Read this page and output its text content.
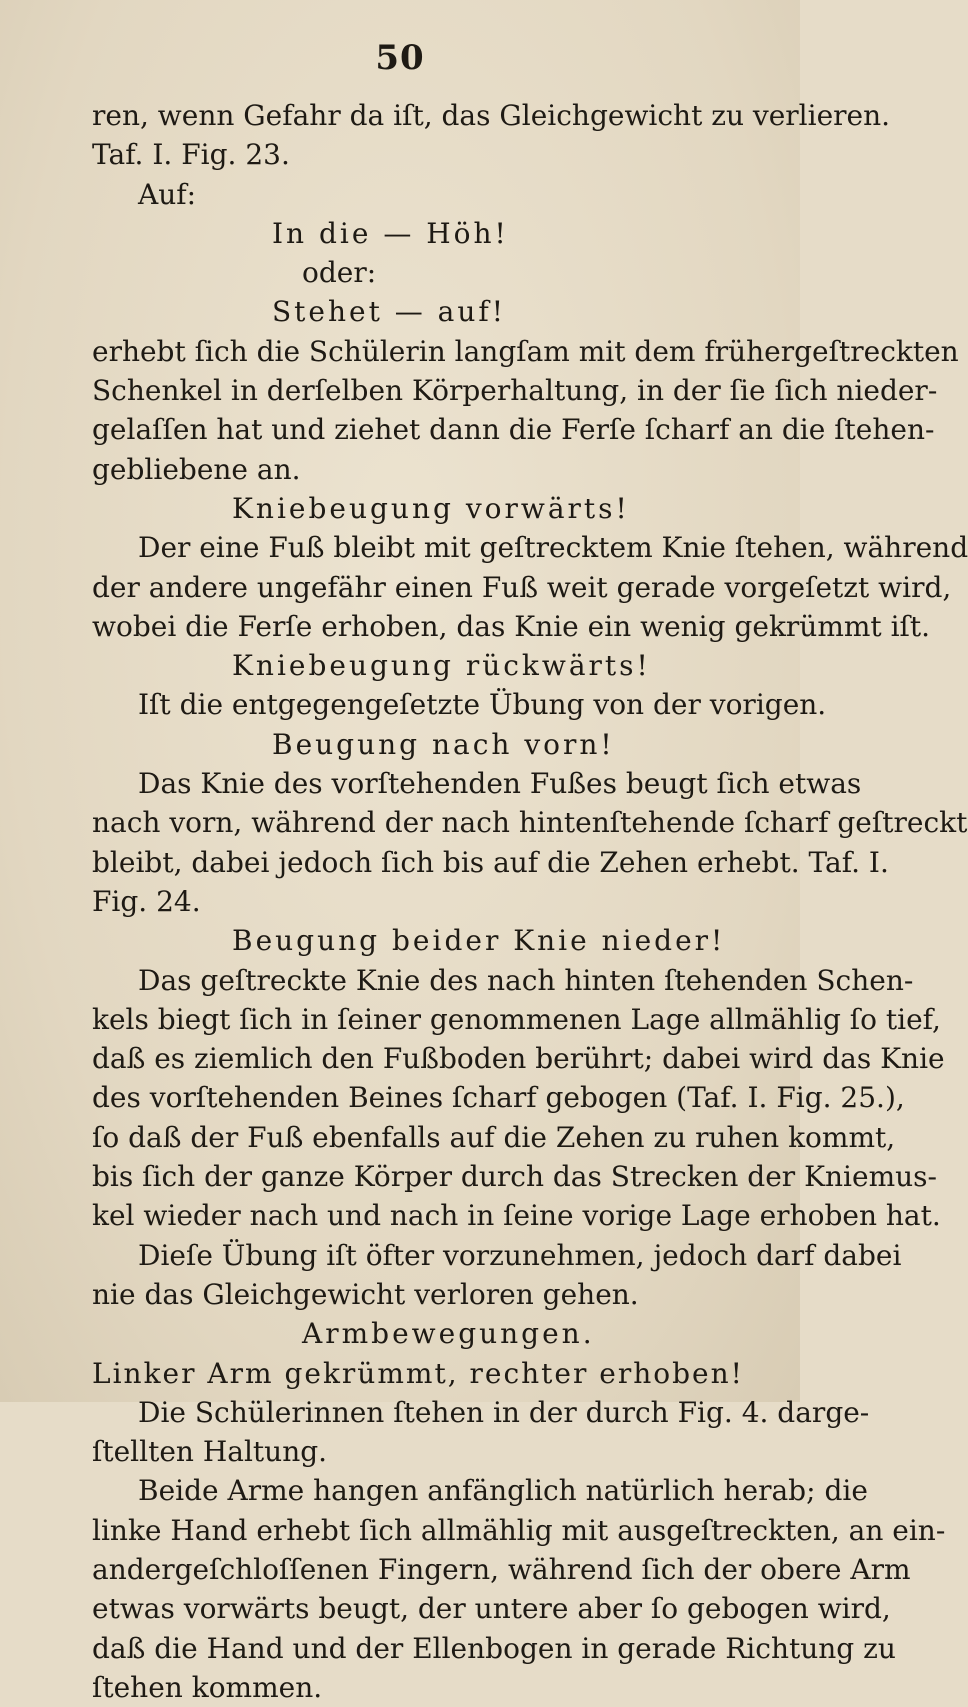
50
ren, wenn Gefahr da iſt, das Gleichgewicht zu verlieren.
Taf. I. Fig. 23.
Auf:
In die — Höh!
oder:
Stehet — auf!
erhebt ſich die Schülerin langſam mit dem frühergeſtreckten
Schenkel in derſelben Körperhaltung, in der ſie ſich nieder-
gelaſſen hat und ziehet dann die Ferſe ſcharf an die ſtehen-
gebliebene an.
Kniebeugung vorwärts!
Der eine Fuß bleibt mit geſtrecktem Knie ſtehen, während
der andere ungefähr einen Fuß weit gerade vorgeſetzt wird,
wobei die Ferſe erhoben, das Knie ein wenig gekrümmt iſt.
Kniebeugung rückwärts!
Iſt die entgegengeſetzte Übung von der vorigen.
Beugung nach vorn!
Das Knie des vorſtehenden Fußes beugt ſich etwas
nach vorn, während der nach hintenſtehende ſcharf geſtreckt
bleibt, dabei jedoch ſich bis auf die Zehen erhebt. Taf. I.
Fig. 24.
Beugung beider Knie nieder!
Das geſtreckte Knie des nach hinten ſtehenden Schen-
kels biegt ſich in ſeiner genommenen Lage allmählig ſo tief,
daß es ziemlich den Fußboden berührt; dabei wird das Knie
des vorſtehenden Beines ſcharf gebogen (Taf. I. Fig. 25.),
ſo daß der Fuß ebenfalls auf die Zehen zu ruhen kommt,
bis ſich der ganze Körper durch das Strecken der Kniemus-
kel wieder nach und nach in ſeine vorige Lage erhoben hat.
Dieſe Übung iſt öfter vorzunehmen, jedoch darf dabei
nie das Gleichgewicht verloren gehen.
Armbewegungen.
Linker Arm gekrümmt, rechter erhoben!
Die Schülerinnen ſtehen in der durch Fig. 4. darge-
ſtellten Haltung.
Beide Arme hangen anfänglich natürlich herab; die
linke Hand erhebt ſich allmählig mit ausgeſtreckten, an ein-
andergeſchloſſenen Fingern, während ſich der obere Arm
etwas vorwärts beugt, der untere aber ſo gebogen wird,
daß die Hand und der Ellenbogen in gerade Richtung zu
ſtehen kommen.
